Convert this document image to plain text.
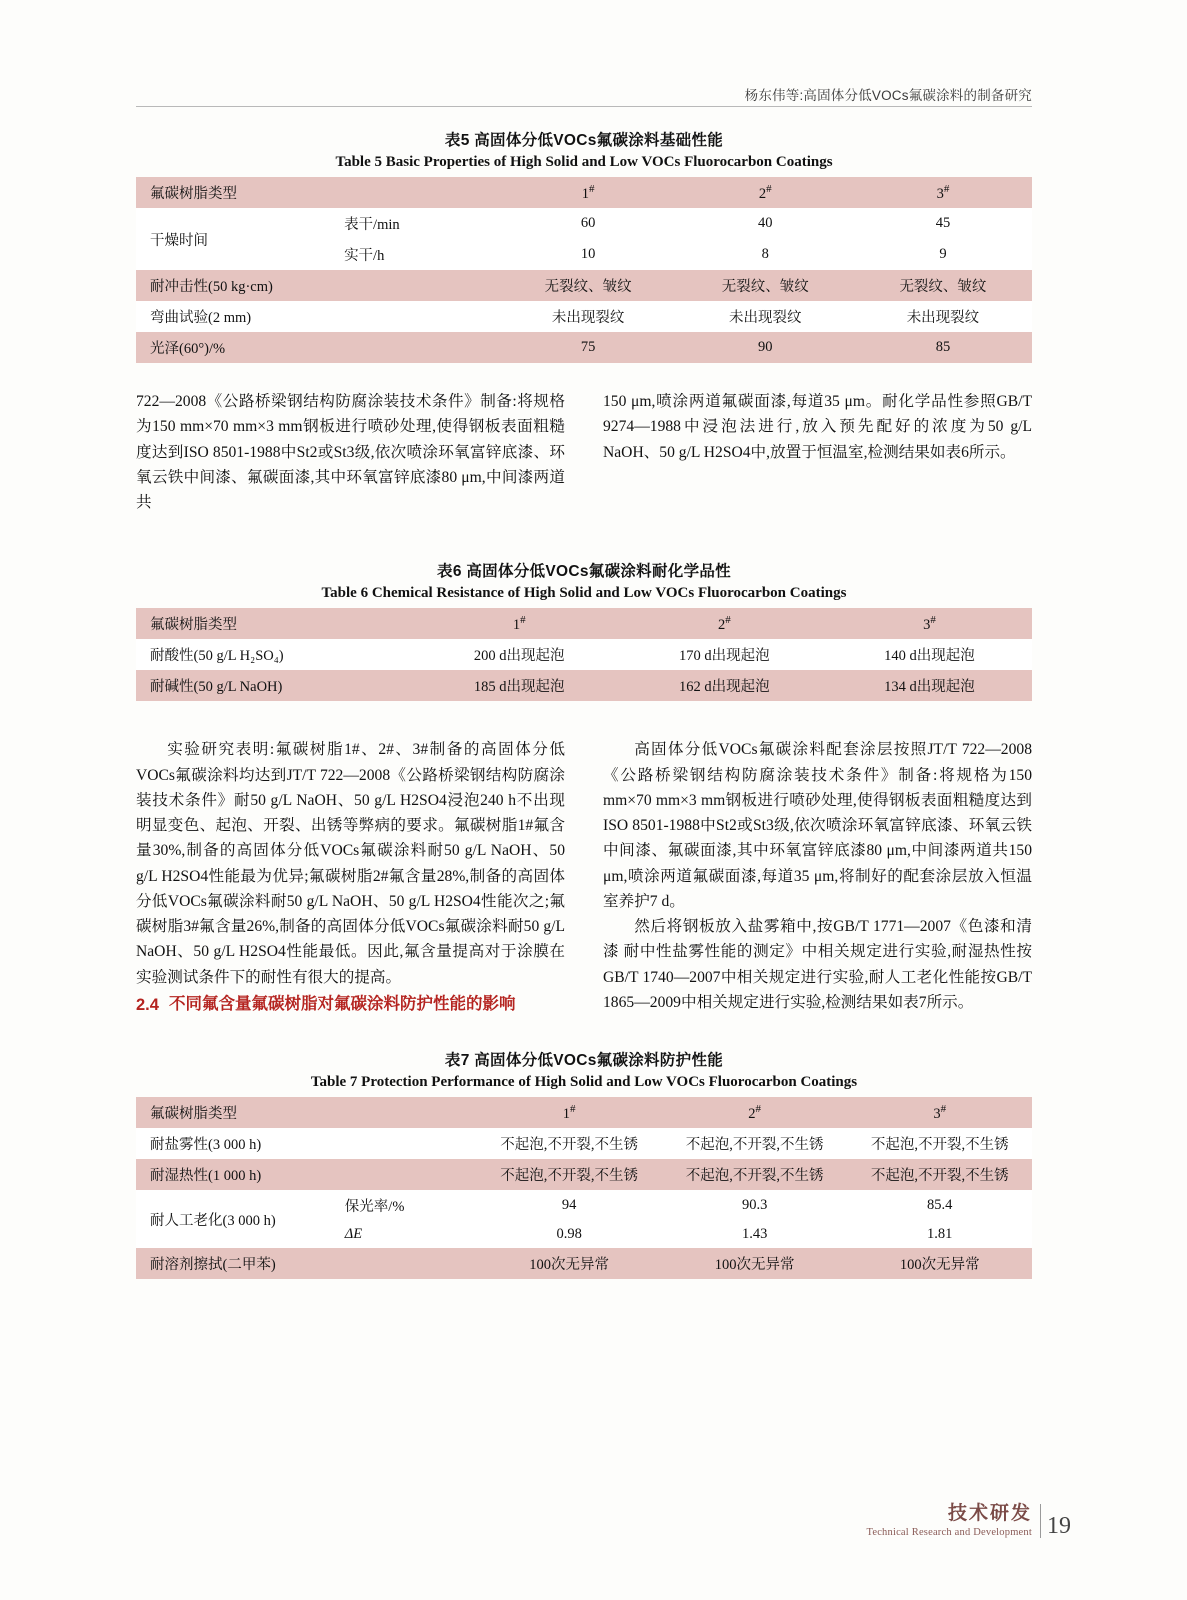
杨东伟等:高固体分低VOCs氟碳涂料的制备研究
表5 高固体分低VOCs氟碳涂料基础性能
Table 5 Basic Properties of High Solid and Low VOCs Fluorocarbon Coatings
氟碳树脂类型		1#	2#	3#
干燥时间	表干/min	60	40	45
	实干/h	10	8	9
耐冲击性(50 kg·cm)		无裂纹、皱纹	无裂纹、皱纹	无裂纹、皱纹
弯曲试验(2 mm)		未出现裂纹	未出现裂纹	未出现裂纹
光泽(60°)/%		75	90	85

722—2008《公路桥梁钢结构防腐涂装技术条件》制备:将规格为150 mm×70 mm×3 mm钢板进行喷砂处理,使得钢板表面粗糙度达到ISO 8501-1988中St2或St3级,依次喷涂环氧富锌底漆、环氧云铁中间漆、氟碳面漆,其中环氧富锌底漆80 μm,中间漆两道共

150 μm,喷涂两道氟碳面漆,每道35 μm。耐化学品性参照GB/T 9274—1988中浸泡法进行,放入预先配好的浓度为50 g/L NaOH、50 g/L H2SO4中,放置于恒温室,检测结果如表6所示。

表6 高固体分低VOCs氟碳涂料耐化学品性
Table 6 Chemical Resistance of High Solid and Low VOCs Fluorocarbon Coatings
氟碳树脂类型	1#	2#	3#
耐酸性(50 g/L H₂SO₄)	200 d出现起泡	170 d出现起泡	140 d出现起泡
耐碱性(50 g/L NaOH)	185 d出现起泡	162 d出现起泡	134 d出现起泡

实验研究表明:氟碳树脂1#、2#、3#制备的高固体分低VOCs氟碳涂料均达到JT/T 722—2008《公路桥梁钢结构防腐涂装技术条件》耐50 g/L NaOH、50 g/L H2SO4浸泡240 h不出现明显变色、起泡、开裂、出锈等弊病的要求。氟碳树脂1#氟含量30%,制备的高固体分低VOCs氟碳涂料耐50 g/L NaOH、50 g/L H2SO4性能最为优异;氟碳树脂2#氟含量28%,制备的高固体分低VOCs氟碳涂料耐50 g/L NaOH、50 g/L H2SO4性能次之;氟碳树脂3#氟含量26%,制备的高固体分低VOCs氟碳涂料耐50 g/L NaOH、50 g/L H2SO4性能最低。因此,氟含量提高对于涂膜在实验测试条件下的耐性有很大的提高。

2.4 不同氟含量氟碳树脂对氟碳涂料防护性能的影响

高固体分低VOCs氟碳涂料配套涂层按照JT/T 722—2008《公路桥梁钢结构防腐涂装技术条件》制备:将规格为150 mm×70 mm×3 mm钢板进行喷砂处理,使得钢板表面粗糙度达到ISO 8501-1988中St2或St3级,依次喷涂环氧富锌底漆、环氧云铁中间漆、氟碳面漆,其中环氧富锌底漆80 μm,中间漆两道共150 μm,喷涂两道氟碳面漆,每道35 μm,将制好的配套涂层放入恒温室养护7 d。

然后将钢板放入盐雾箱中,按GB/T 1771—2007《色漆和清漆 耐中性盐雾性能的测定》中相关规定进行实验,耐湿热性按GB/T 1740—2007中相关规定进行实验,耐人工老化性能按GB/T 1865—2009中相关规定进行实验,检测结果如表7所示。

表7 高固体分低VOCs氟碳涂料防护性能
Table 7 Protection Performance of High Solid and Low VOCs Fluorocarbon Coatings
氟碳树脂类型		1#	2#	3#
耐盐雾性(3 000 h)		不起泡,不开裂,不生锈	不起泡,不开裂,不生锈	不起泡,不开裂,不生锈
耐湿热性(1 000 h)		不起泡,不开裂,不生锈	不起泡,不开裂,不生锈	不起泡,不开裂,不生锈
耐人工老化(3 000 h)	保光率/%	94	90.3	85.4
	ΔE	0.98	1.43	1.81
耐溶剂擦拭(二甲苯)		100次无异常	100次无异常	100次无异常
技术研发
Technical Research and Development 19
